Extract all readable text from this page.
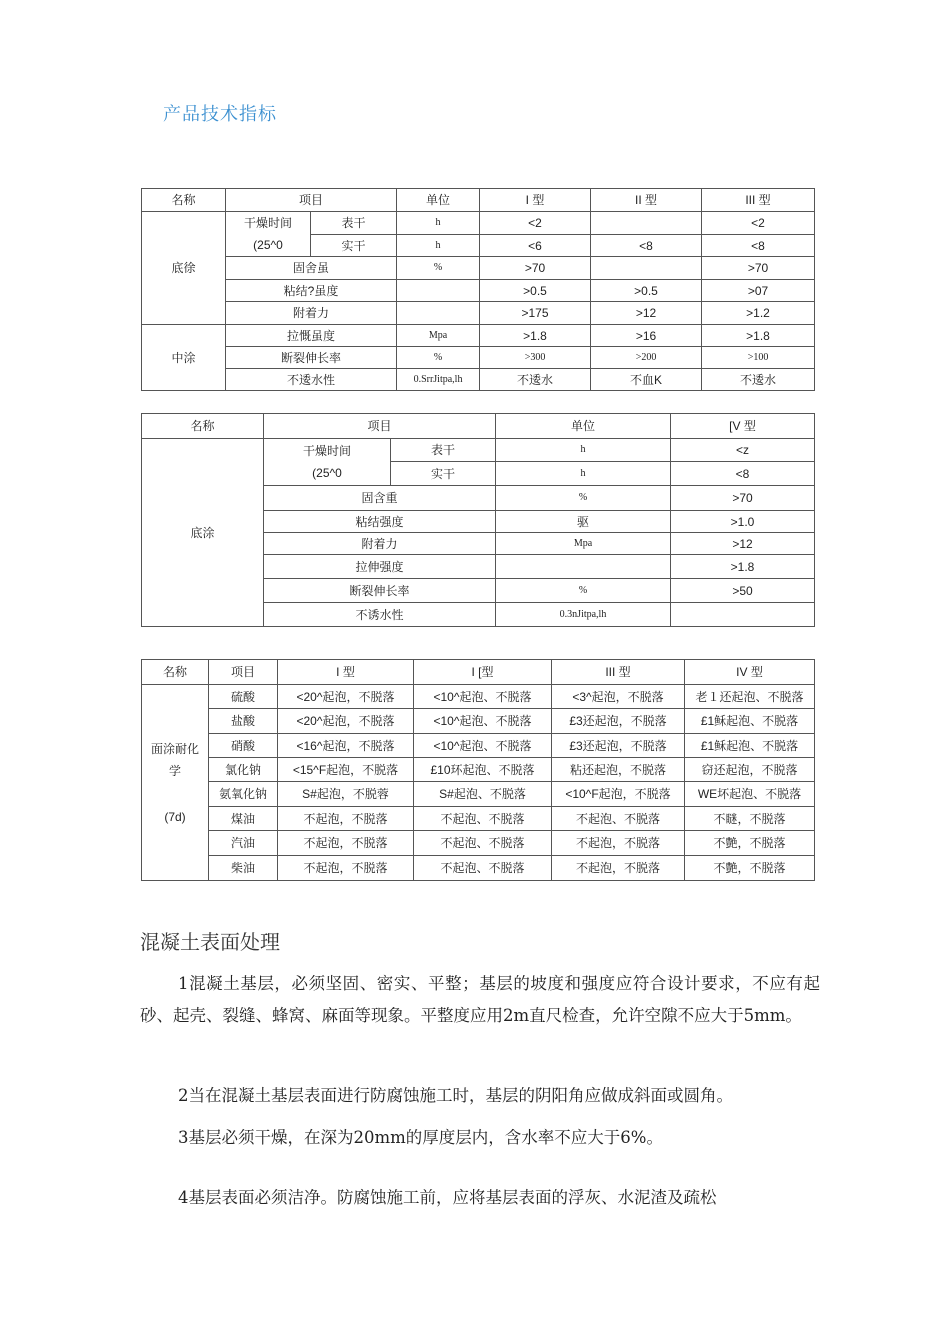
产品技术指标
名称	项目		单位	I 型	II 型	III 型
底徐	干燥时间
(25^0	表干	h	<2		<2
		实干	h	<6	<8	<8
	固舍虽		%	>70		>70
	粘结?虽度			>0.5	>0.5	>07
	附着力			>175	>12	>1.2
中涂	拉慨虽度		Mpa	>1.8	>16	>1.8
	断裂伸长率		%	>300	>200	>100
	不逶水性		0.SrrJitpa,lh	不逶水	不血K	不逶水
名称	项目		单位	[V 型
底涂	干燥时间
(25^0	表干	h	<z
		实干	h	<8
	固含重		%	>70
	粘结强度		驱	>1.0
	附着力		Mpa	>12
	拉伸强度			>1.8
	断裂伸长率		%	>50
	不诱水性		0.3nJitpa,lh	
名称	项目	I 型	I [型	III 型	IV 型

面涂耐化
学
(7d)	硫酸	<20^起泡，不脱落	<10^起泡、不脱落	<3^起泡，不脱落	老１还起泡、不脱落
	盐酸	<20^起泡，不脱落	<10^起泡、不脱落	£3还起泡，不脱落	£1稣起泡、不脱落
	硝酸	<16^起泡，不脱落	<10^起泡、不脱落	£3还起泡，不脱落	£1稣起泡、不脱落
	氯化钠	<15^F起泡，不脱落	£10环起泡、不脱落	粘还起泡，不脱落	窃还起泡，不脱落
	氨氧化钠	S#起泡，不脱蓉	S#起泡、不脱落	<10^F起泡，不脱落	WE坏起泡、不脱落
	煤油	不起泡，不脱落	不起泡、不脱落	不起泡、不脱落	不瞇，不脱落
	汽油	不起泡，不脱落	不起泡、不脱落	不起泡，不脱落	不艶，不脱落
	柴油	不起泡，不脱落	不起泡、不脱落	不起泡，不脱落	不艶，不脱落
混凝土表面处理
1混凝土基层，必须坚固、密实、平整；基层的坡度和强度应符合设计要求，不应有起砂、起壳、裂缝、蜂窝、麻面等现象。平整度应用2m直尺检查，允许空隙不应大于5mm。
2当在混凝土基层表面进行防腐蚀施工时，基层的阴阳角应做成斜面或圆角。
3基层必须干燥，在深为20mm的厚度层内，含水率不应大于6%。
4基层表面必须洁净。防腐蚀施工前，应将基层表面的浮灰、水泥渣及疏松
